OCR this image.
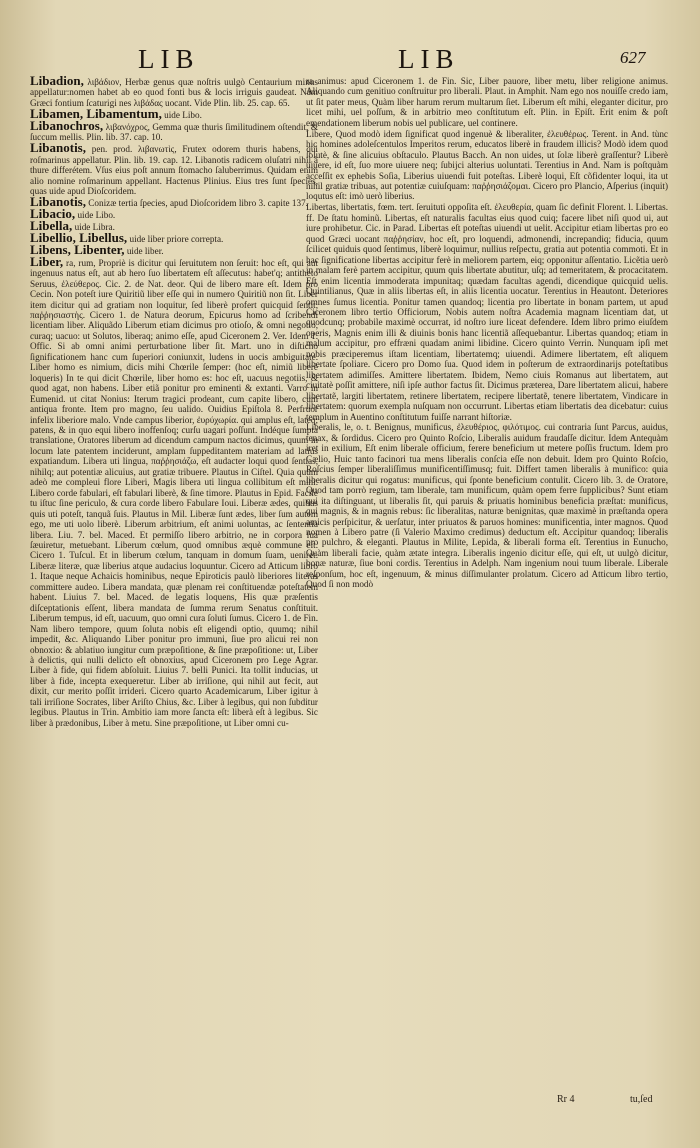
LIB	LIB	627

Libadion, λιβάδιον, Herbæ genus quæ noſtris uulgò Centaurium minus appellatur:nomen habet ab eo quod fonti bus & locis irriguis gaudeat. Nam Græci fontium ſcaturigi nes λιβάδας uocant. Vide Plin. lib. 25. cap. 65.

Libamen, Libamentum, uide Libo.

Libanochros, λιβανόχρος, Gemma quæ thuris ſimilitudinem oſtendit, & ſuccum mellis. Plin. lib. 37. cap. 10.

Libanotis, pen. prod. λιβανωτὶς, Frutex odorem thuris habens, qui roſmarinus appellatur. Plin. lib. 19. cap. 12. Libanotis radicem oluſatri nihil à thure differétem. Vſus eius poſt annum ſtomacho ſaluberrimus. Quidam enim alio nomine roſmarinum appellant. Hactenus Plinius. Eius tres ſunt ſpecies, quas uide apud Dioſcoridem.

Libanotis, Conizæ tertia ſpecies, apud Dioſcoridem libro 3. capite 137.

Libacio, uide Libo.

Libella, uide Libra.

Libellio, Libellus, uide liber priore correpta.

Libens, Libenter, uide liber.

Liber, ra, rum, Propriè is dicitur qui ſeruitutem non ſeruit: hoc eſt, qui aut ingenuus natus eſt, aut ab hero ſuo libertatem eſt aſſecutus: habet'q; antitheto Seruus, ἐλεύθερος. Cic. 2. de Nat. deor. Qui de libero mare eſt. Idem pro Cecin. Non poteſt iure Quiritiũ liber eſſe qui in numero Quiritiũ non ſit. Liber item dicitur qui ad gratiam non loquitur, ſed liberè profert quicquid ſentit, παῤῥησιαστὴς. Cicero 1. de Natura deorum, Epicurus homo ad ſcribendi licentiam liber. Aliquãdo Liberum etiam dicimus pro otioſo, & omni negotio, curaq; uacuo: ut Solutos, liberaq; animo eſſe, apud Ciceronem 2. Ver. Idem 1. Offic. Si ab omni animi perturbatione liber ſit. Mart. uno in diſticho ſignificationem hanc cum ſuperiori coniunxit, ludens in uocis ambiguitate. Liber homo es nimium, dicis mihi Chœrile ſemper: (hoc eſt, nimiũ liberè loqueris) In te qui dicit Chœrile, liber homo es: hoc eſt, uacuus negotiis, & quod agat, non habens. Liber etiã ponitur pro eminenti & extanti. Varro in Eumenid. ut citat Nonius: Iterum tragici prodeant, cum capite libero, cum antiqua fronte. Item pro magno, ſeu ualido. Ouidius Epiſtola 8. Perfruor infelix liberiore malo. Vnde campus liberior, ἐυρύχωρία. qui amplus eſt, lateq; patens, & in quo equi libero inoffenſoq; curſu uagari poſſunt. Indéque ſumpta translatione, Oratores liberum ad dicendum campum nactos dicimus, quum in locum late patentem inciderunt, amplam ſuppeditantem materiam ad latius expatiandum. Libera uti lingua, παῤῥησιάζω, eſt audacter loqui quod ſentias, nihilq; aut potentiæ alicuius, aut gratiæ tribuere. Plautus in Ciſtel. Quia quum adeò me compleui flore Liberi, Magis libera uti lingua collibitum eſt mihi. Libero corde fabulari, eſt fabulari liberè, & ſine timore. Plautus in Epid. Facilè tu iſtuc ſine periculo, & cura corde libero Fabulare Ioui. Liberæ ædes, quibus quis uti poteſt, tanquã ſuis. Plautus in Mil. Liberæ ſunt ædes, liber ſum autem ego, me uti uolo liberè. Liberum arbitrium, eſt animi uoluntas, ac ſententia libera. Liu. 7. bel. Maced. Et permiſſo libero arbitrio, ne in corpora ſua ſæuiretur, metuebant. Liberum cœlum, quod omnibus æquè commune eſt. Cicero 1. Tuſcul. Et in liberum cœlum, tanquam in domum ſuam, ueniret. Liberæ literæ, quæ liberius atque audacius loquuntur. Cicero ad Atticum libro 1. Itaque neque Achaicis hominibus, neque Epiroticis paulò liberiores literas committere audeo. Libera mandata, quæ plenam rei conſtituendæ poteſtatem habent. Liuius 7. bel. Maced. de legatis loquens, His quæ præſentis diſceptationis eſſent, libera mandata de ſumma rerum Senatus conſtituit. Liberum tempus, id eſt, uacuum, quo omni cura ſoluti ſumus. Cicero 1. de Fin. Nam libero tempore, quum ſoluta nobis eſt eligendi optio, quumq; nihil impedit, &c. Aliquando Liber ponitur pro immuni, ſiue pro alicui rei non obnoxio: & ablatiuo iungitur cum præpoſitione, & ſine præpoſitione: ut, Liber à delictis, qui nulli delicto eſt obnoxius, apud Ciceronem pro Lege Agrar. Liber à fide, qui fidem abſoluit. Liuius 7. belli Punici. Ita tollit inducias, ut liber à fide, incepta exequeretur. Liber ab irriſione, qui nihil aut fecit, aut dixit, cur merito poſſit irrideri. Cicero quarto Academicarum, Liber igitur à tali irriſione Socrates, liber Ariſto Chius, &c. Liber à legibus, qui non ſubditur legibus. Plautus in Trin. Ambitio iam more ſancta eſt: liberà eſt à legibus. Sic liber à prædonibus, Liber à metu. Sine præpoſitione, ut Liber omni cu-

ra animus: apud Ciceronem 1. de Fin. Sic, Liber pauore, liber metu, liber religione animus. Aliquando cum genitiuo conſtruitur pro liberali. Plaut. in Amphit. Nam ego nos nouiſſe credo iam, ut ſit pater meus, Quàm liber harum rerum multarum ſiet. Liberum eſt mihi, eleganter dicitur, pro licet mihi, uel poſſum, & in arbitrio meo conſtitutum eſt. Plin. in Epiſt. Erit enim & poſt emendationem liberum nobis uel publicare, uel continere.

Libere, Quod modò idem ſignificat quod ingenuè & liberaliter, ἐλευθέρως. Terent. in And. tùnc hic homines adoleſcentulos Imperitos rerum, educatos liberè in fraudem illicis? Modò idem quod ſolutè, & ſine alicuius obſtaculo. Plautus Bacch. An non uides, ut ſolæ liberè graſſentur? Liberè uiuere, id eſt, ſuo more uiuere neq; ſubijci alterius uoluntati. Terentius in And. Nam is poſtquàm acceſſit ex ephebis Soſia, Liberius uiuendi fuit poteſtas. Liberè loqui, Eſt cõfidenter loqui, ita ut nihil gratiæ tribuas, aut potentiæ cuiuſquam: παῤῥησιάζομαι. Cicero pro Plancio, Aſperius (inquit) loqutus eſt: imò uerò liberius.

Libertas, libertatis, fœm. tert. ſeruituti oppoſita eſt. ἐλευθερία, quam ſic definit Florent. l. Libertas. ff. De ſtatu hominũ. Libertas, eſt naturalis facultas eius quod cuiq; facere libet niſi quod ui, aut iure prohibetur. Cic. in Parad. Libertas eſt poteſtas uiuendi ut uelit. Accipitur etiam libertas pro eo quod Græci uocant παῤῥησίαν, hoc eſt, pro loquendi, admonendi, increpandiq; fiducia, quum ſcilicet quiduis quod ſentimus, liberè loquimur, nullius reſpectu, gratia aut potentia commoti. Et in hac ſignificatione libertas accipitur ferè in meliorem partem, eiq; opponitur aſſentatio. Licẽtia uerò in malam ferè partem accipitur, quum quis libertate abutitur, uſq; ad temeritatem, & procacitatem. Eſt enim licentia immoderata impunitaq; quædam facultas agendi, dicendique quicquid uelis. Quintilianus, Quæ in aliis libertas eſt, in aliis licentia uocatur. Terentius in Heautont. Deteriores omnes ſumus licentia. Ponitur tamen quandoq; licentia pro libertate in bonam partem, ut apud Ciceronem libro tertio Officiorum, Nobis autem noſtra Academia magnam licentiam dat, ut quodcunq; probabile maximè occurrat, id noſtro iure liceat defendere. Idem libro primo eiuſdem operis, Magnis enim illi & diuinis bonis hanc licentiã aſſequebantur. Libertas quandoq; etiam in malum accipitur, pro effræni quadam animi libidine. Cicero quinto Verrin. Nunquam ipſi met nobis præciperemus iſtam licentiam, libertatemq; uiuendi. Adimere libertatem, eſt aliquem libertate ſpoliare. Cicero pro Domo ſua. Quod idem in poſterum de extraordinarijs poteſtatibus libertatem adimiſſes. Amittere libertatem. Ibidem, Nemo ciuis Romanus aut libertatem, aut ciuitatè poſſit amittere, niſi ipſe author factus ſit. Dicimus præterea, Dare libertatem alicui, habere libertatẽ, largiti libertatem, retinere libertatem, recipere libertatẽ, tenere libertatem, Vindicare in libertatem: quorum exempla nuſquam non occurrunt. Libertas etiam libertatis dea dicebatur: cuius templum in Auentino conſtitutum fuiſſe narrant hiſtoriæ.

Liberalis, le, o. t. Benignus, munificus, ἐλευθέριος, φιλότιμος. cui contraria ſunt Parcus, auidus, tenax, & ſordidus. Cicero pro Quinto Roſcio, Liberalis auidum fraudaſſe dicitur. Idem Antequàm iret in exilium, Eſt enim liberale officium, ferere beneficium ut metere poſſis fructum. Idem pro Cælio, Huic tanto facinori tua mens liberalis conſcia eſſe non debuit. Idem pro Quinto Roſcio, Roſcius ſemper liberaliſſimus munificentiſſimusq; fuit. Differt tamen liberalis à munifico: quia liberalis dicitur qui rogatus: munificus, qui ſponte beneficium contulit. Cicero lib. 3. de Oratore, Quod tam porrò regium, tam liberale, tam munificum, quàm opem ferre ſupplicibus? Sunt etiam qui ita diſtinguant, ut liberalis ſit, qui paruis & priuatis hominibus beneficia præſtat: munificus, qui magnis, & in magnis rebus: ſic liberalitas, naturæ benignitas, quæ maximè in præſtanda opera amicis perſpicitur, & uerſatur, inter priuatos & paruos homines: munificentia, inter magnos. Quod nomen à Libero patre (ſi Valerio Maximo credimus) deductum eſt. Accipitur quandoq; liberalis pro pulchro, & eleganti. Plautus in Milite, Lepida, & liberali forma eſt. Terentius in Eunucho, Quàm liberali facie, quàm ætate integra. Liberalis ingenio dicitur eſſe, qui eſt, ut uulgò dicitur, bonæ naturæ, ſiue boni cordis. Terentius in Adelph. Nam ingenium noui tuum liberale. Liberale reſponſum, hoc eſt, ingenuum, & minus diſſimulanter prolatum. Cicero ad Atticum libro tertio, Quod ſi non modò

Rr 4	tu,ſed
